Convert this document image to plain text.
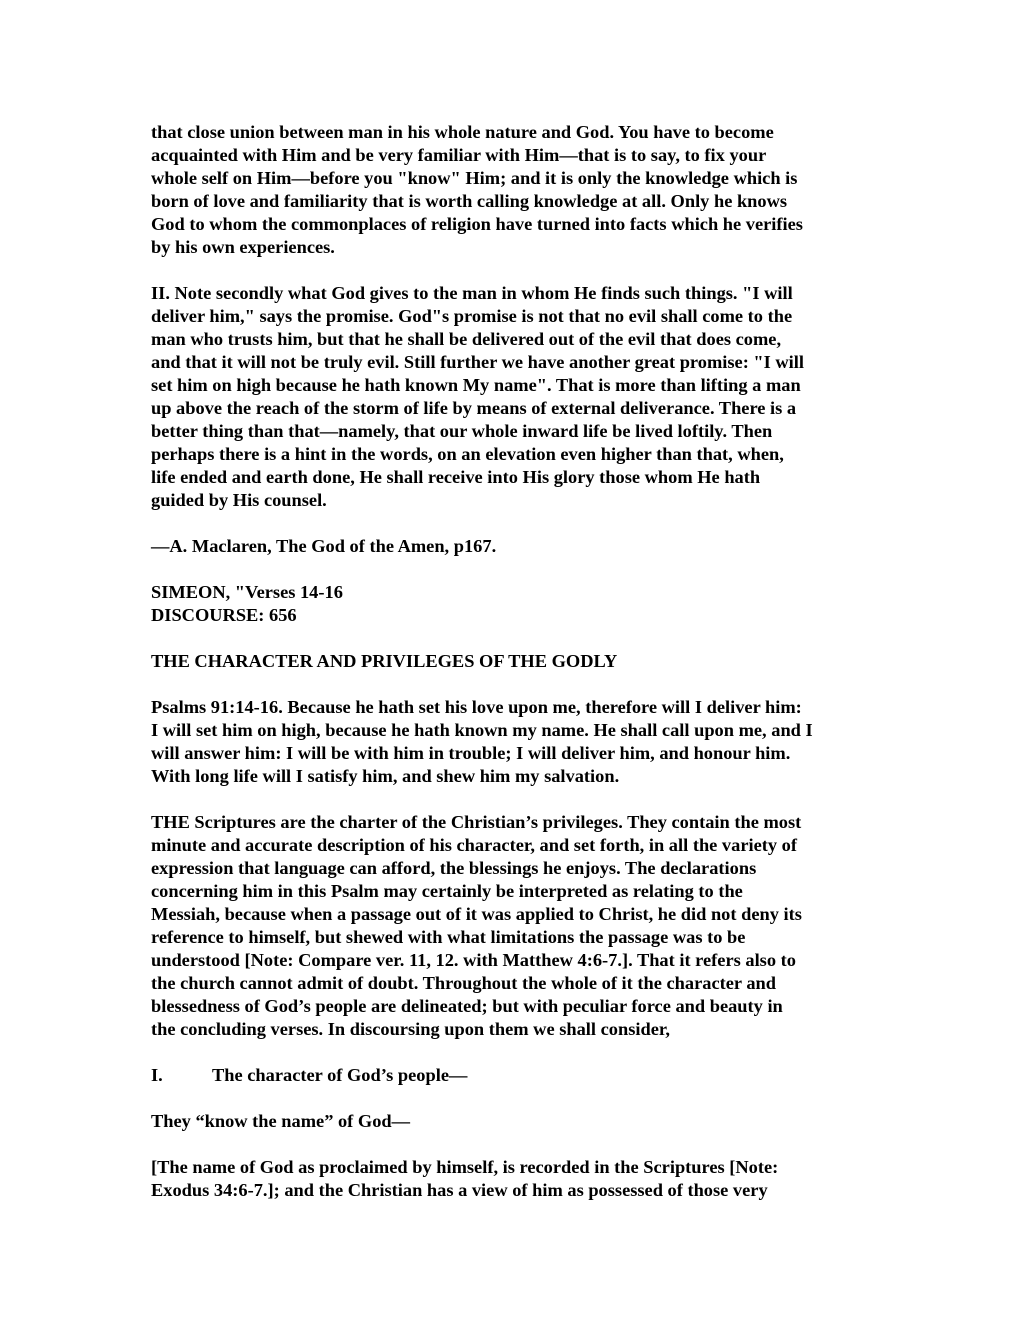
that close union between man in his whole nature and God. You have to become
acquainted with Him and be very familiar with Him—that is to say, to fix your
whole self on Him—before you "know" Him; and it is only the knowledge which is
born of love and familiarity that is worth calling knowledge at all. Only he knows
God to whom the commonplaces of religion have turned into facts which he verifies
by his own experiences.

II. Note secondly what God gives to the man in whom He finds such things. "I will
deliver him," says the promise. God"s promise is not that no evil shall come to the
man who trusts him, but that he shall be delivered out of the evil that does come,
and that it will not be truly evil. Still further we have another great promise: "I will
set him on high because he hath known My name". That is more than lifting a man
up above the reach of the storm of life by means of external deliverance. There is a
better thing than that—namely, that our whole inward life be lived loftily. Then
perhaps there is a hint in the words, on an elevation even higher than that, when,
life ended and earth done, He shall receive into His glory those whom He hath
guided by His counsel.

—A. Maclaren, The God of the Amen, p167.

SIMEON, "Verses 14-16
DISCOURSE: 656

THE CHARACTER AND PRIVILEGES OF THE GODLY

Psalms 91:14-16. Because he hath set his love upon me, therefore will I deliver him:
I will set him on high, because he hath known my name. He shall call upon me, and I
will answer him: I will be with him in trouble; I will deliver him, and honour him.
With long life will I satisfy him, and shew him my salvation.

THE Scriptures are the charter of the Christian’s privileges. They contain the most
minute and accurate description of his character, and set forth, in all the variety of
expression that language can afford, the blessings he enjoys. The declarations
concerning him in this Psalm may certainly be interpreted as relating to the
Messiah, because when a passage out of it was applied to Christ, he did not deny its
reference to himself, but shewed with what limitations the passage was to be
understood [Note: Compare ver. 11, 12. with Matthew 4:6-7.]. That it refers also to
the church cannot admit of doubt. Throughout the whole of it the character and
blessedness of God’s people are delineated; but with peculiar force and beauty in
the concluding verses. In discoursing upon them we shall consider,

I.	The character of God’s people—

They “know the name” of God—

[The name of God as proclaimed by himself, is recorded in the Scriptures [Note:
Exodus 34:6-7.]; and the Christian has a view of him as possessed of those very
